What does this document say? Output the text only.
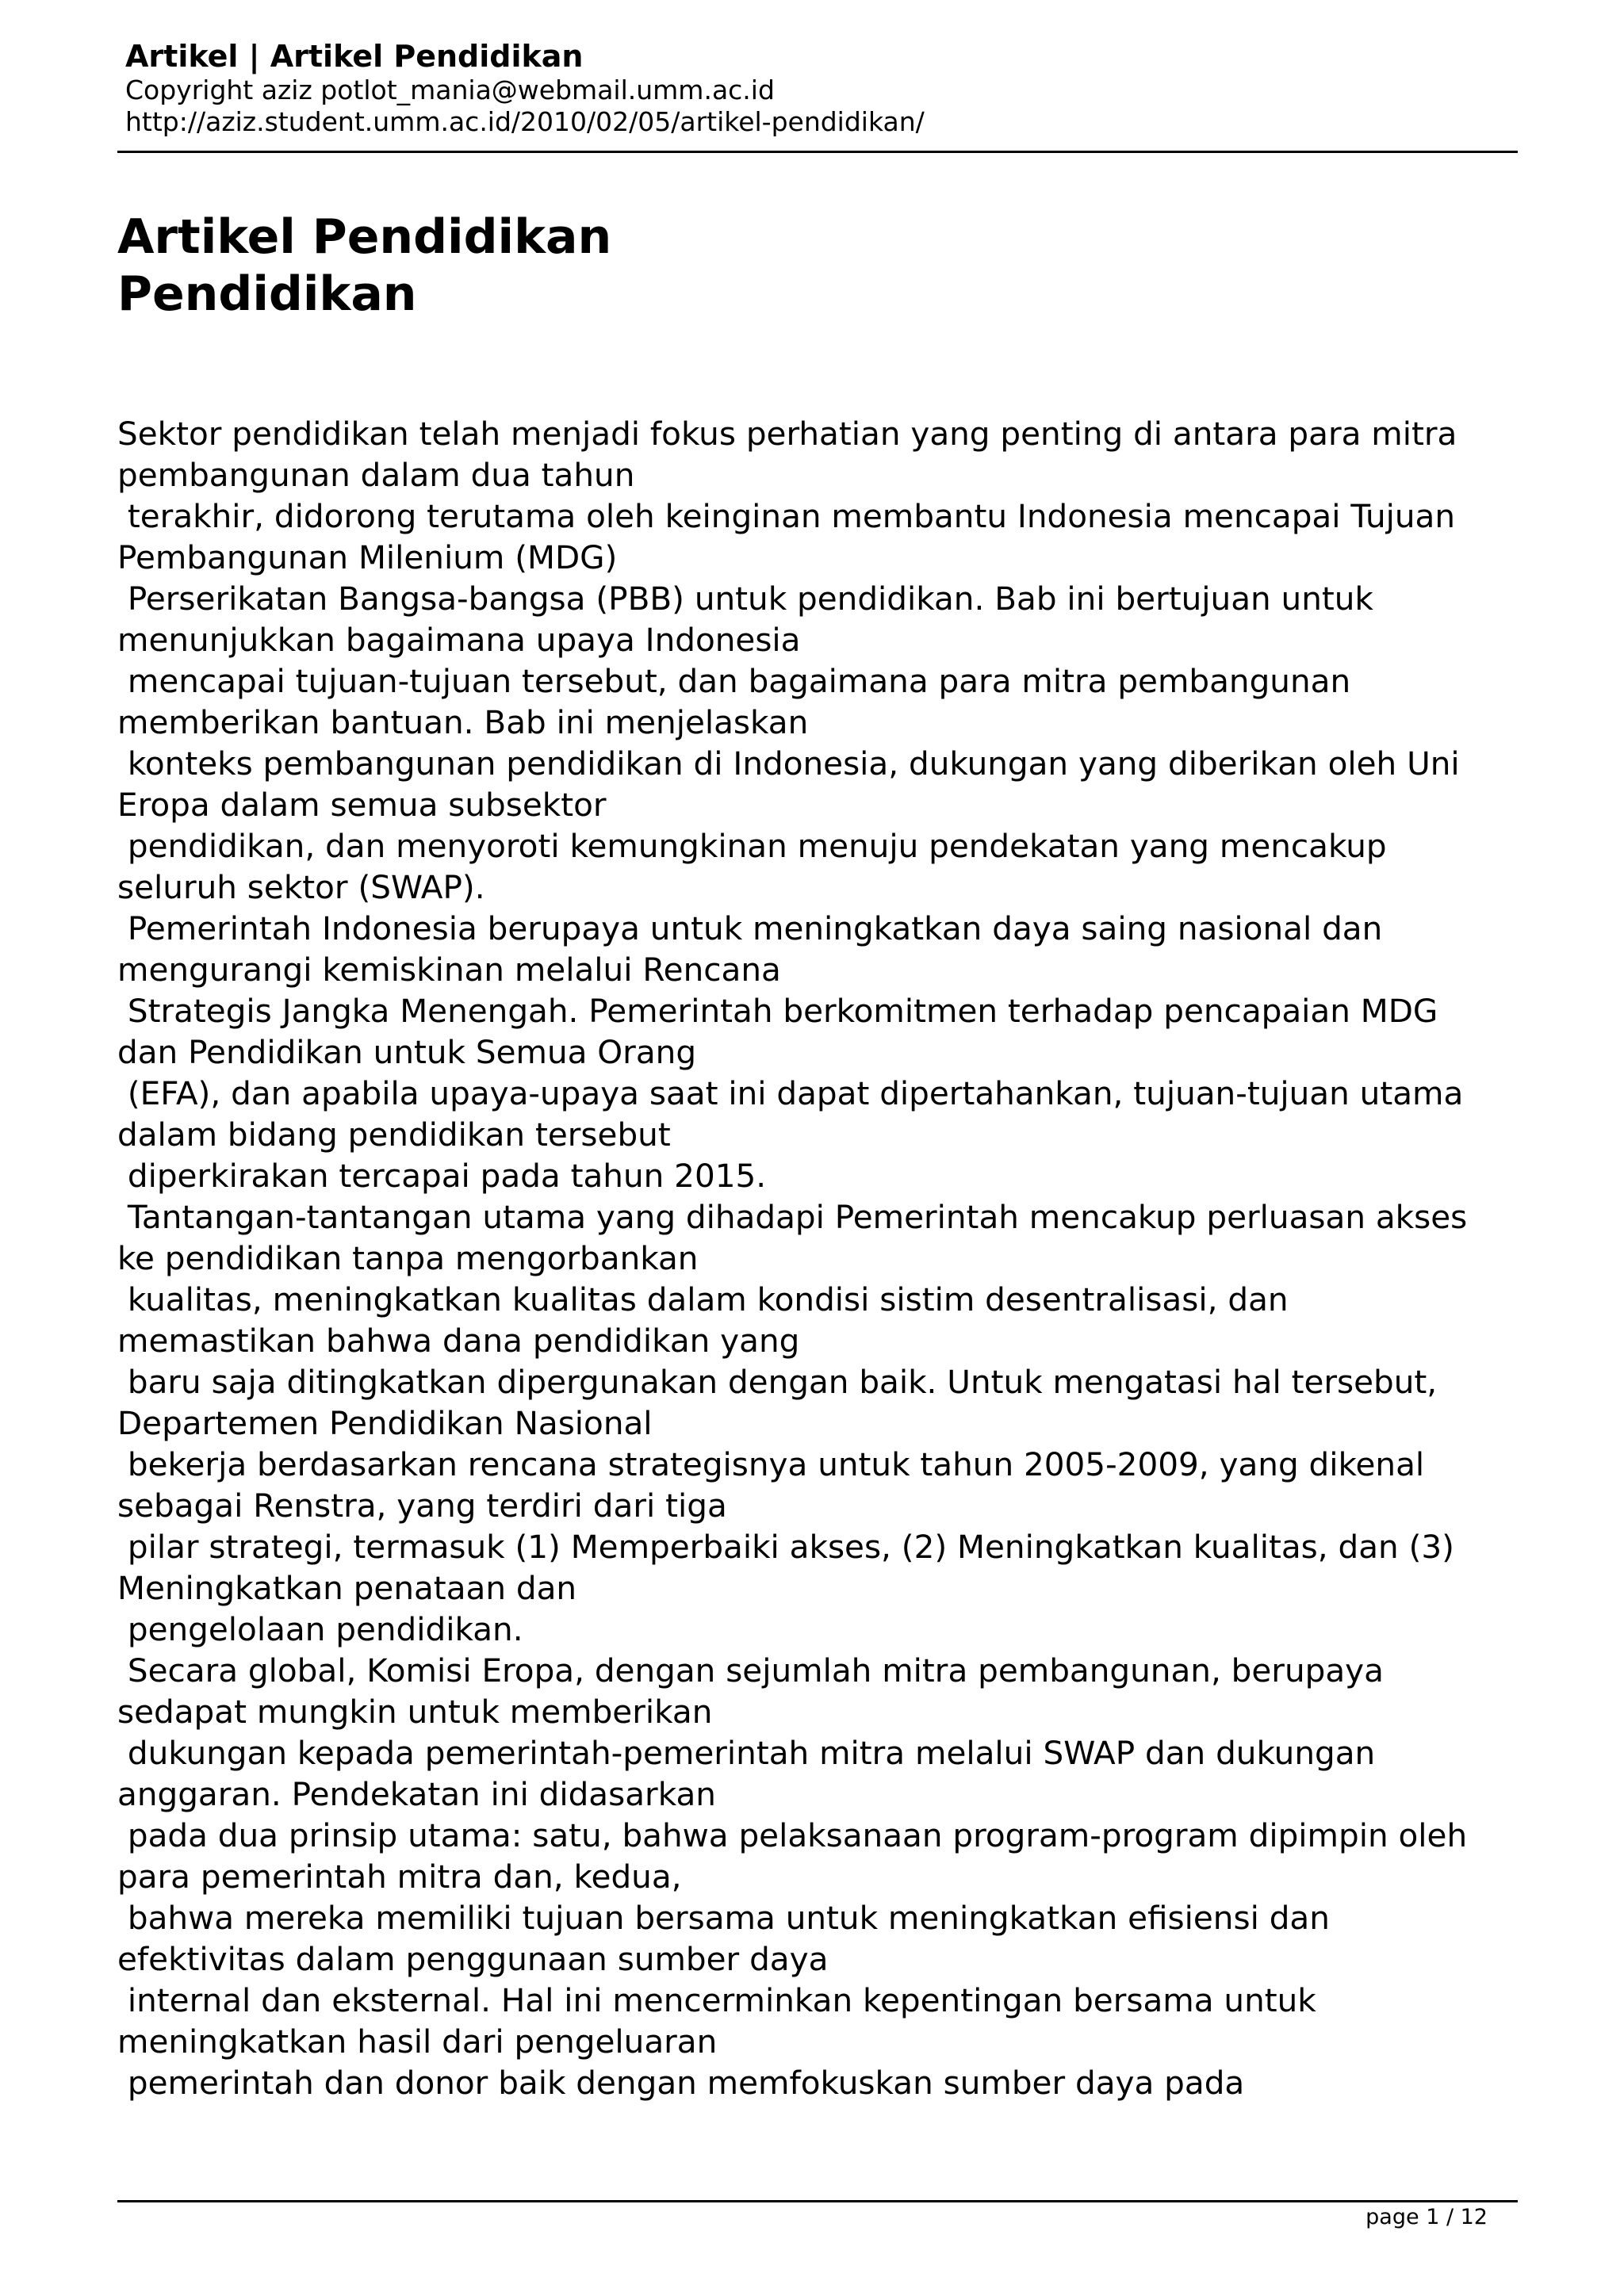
Artikel | Artikel Pendidikan
Copyright aziz potlot_mania@webmail.umm.ac.id
http://aziz.student.umm.ac.id/2010/02/05/artikel-pendidikan/
Artikel Pendidikan
Pendidikan
Sektor pendidikan telah menjadi fokus perhatian yang penting di antara para mitra
pembangunan dalam dua tahun
terakhir, didorong terutama oleh keinginan membantu Indonesia mencapai Tujuan
Pembangunan Milenium (MDG)
Perserikatan Bangsa-bangsa (PBB) untuk pendidikan. Bab ini bertujuan untuk
menunjukkan bagaimana upaya Indonesia
mencapai tujuan-tujuan tersebut, dan bagaimana para mitra pembangunan
memberikan bantuan. Bab ini menjelaskan
konteks pembangunan pendidikan di Indonesia, dukungan yang diberikan oleh Uni
Eropa dalam semua subsektor
pendidikan, dan menyoroti kemungkinan menuju pendekatan yang mencakup
seluruh sektor (SWAP).
Pemerintah Indonesia berupaya untuk meningkatkan daya saing nasional dan
mengurangi kemiskinan melalui Rencana
Strategis Jangka Menengah. Pemerintah berkomitmen terhadap pencapaian MDG
dan Pendidikan untuk Semua Orang
(EFA), dan apabila upaya-upaya saat ini dapat dipertahankan, tujuan-tujuan utama
dalam bidang pendidikan tersebut
diperkirakan tercapai pada tahun 2015.
Tantangan-tantangan utama yang dihadapi Pemerintah mencakup perluasan akses
ke pendidikan tanpa mengorbankan
kualitas, meningkatkan kualitas dalam kondisi sistim desentralisasi, dan
memastikan bahwa dana pendidikan yang
baru saja ditingkatkan dipergunakan dengan baik. Untuk mengatasi hal tersebut,
Departemen Pendidikan Nasional
bekerja berdasarkan rencana strategisnya untuk tahun 2005-2009, yang dikenal
sebagai Renstra, yang terdiri dari tiga
pilar strategi, termasuk (1) Memperbaiki akses, (2) Meningkatkan kualitas, dan (3)
Meningkatkan penataan dan
pengelolaan pendidikan.
Secara global, Komisi Eropa, dengan sejumlah mitra pembangunan, berupaya
sedapat mungkin untuk memberikan
dukungan kepada pemerintah-pemerintah mitra melalui SWAP dan dukungan
anggaran. Pendekatan ini didasarkan
pada dua prinsip utama: satu, bahwa pelaksanaan program-program dipimpin oleh
para pemerintah mitra dan, kedua,
bahwa mereka memiliki tujuan bersama untuk meningkatkan efisiensi dan
efektivitas dalam penggunaan sumber daya
internal dan eksternal. Hal ini mencerminkan kepentingan bersama untuk
meningkatkan hasil dari pengeluaran
pemerintah dan donor baik dengan memfokuskan sumber daya pada
page 1 / 12
